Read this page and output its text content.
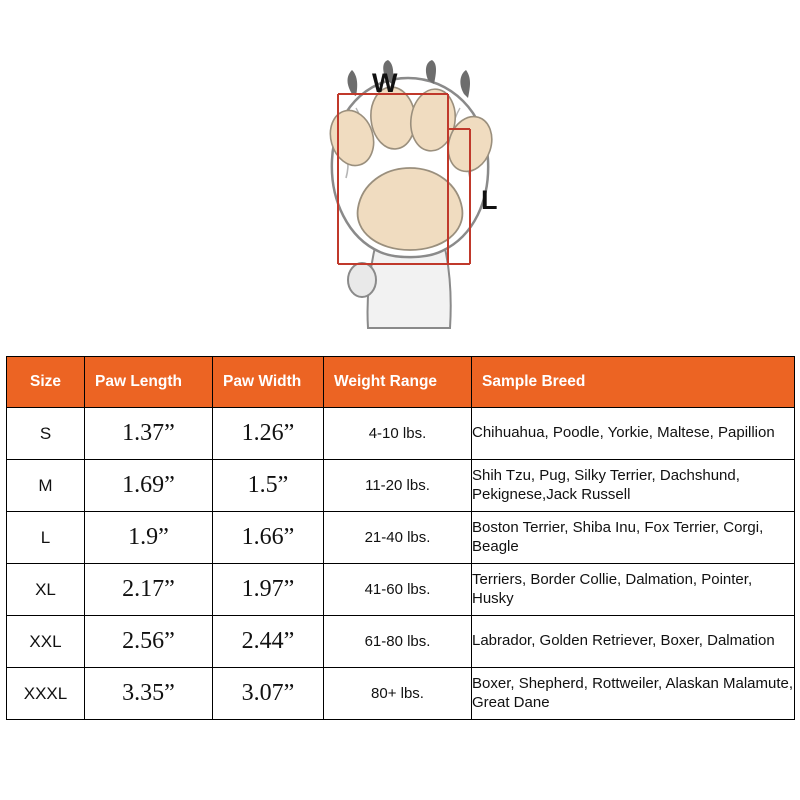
W
L
Size	Paw Length	Paw Width	Weight Range	Sample Breed
S	1.37”	1.26”	4-10 lbs.	Chihuahua, Poodle, Yorkie, Maltese, Papillion
M	1.69”	1.5”	11-20 lbs.	Shih Tzu, Pug, Silky Terrier, Dachshund, Pekignese,Jack Russell
L	1.9”	1.66”	21-40 lbs.	Boston Terrier, Shiba Inu, Fox Terrier, Corgi, Beagle
XL	2.17”	1.97”	41-60 lbs.	Terriers, Border Collie, Dalmation, Pointer, Husky
XXL	2.56”	2.44”	61-80 lbs.	Labrador, Golden Retriever, Boxer, Dalmation
XXXL	3.35”	3.07”	80+ lbs.	Boxer, Shepherd, Rottweiler, Alaskan Malamute, Great Dane
